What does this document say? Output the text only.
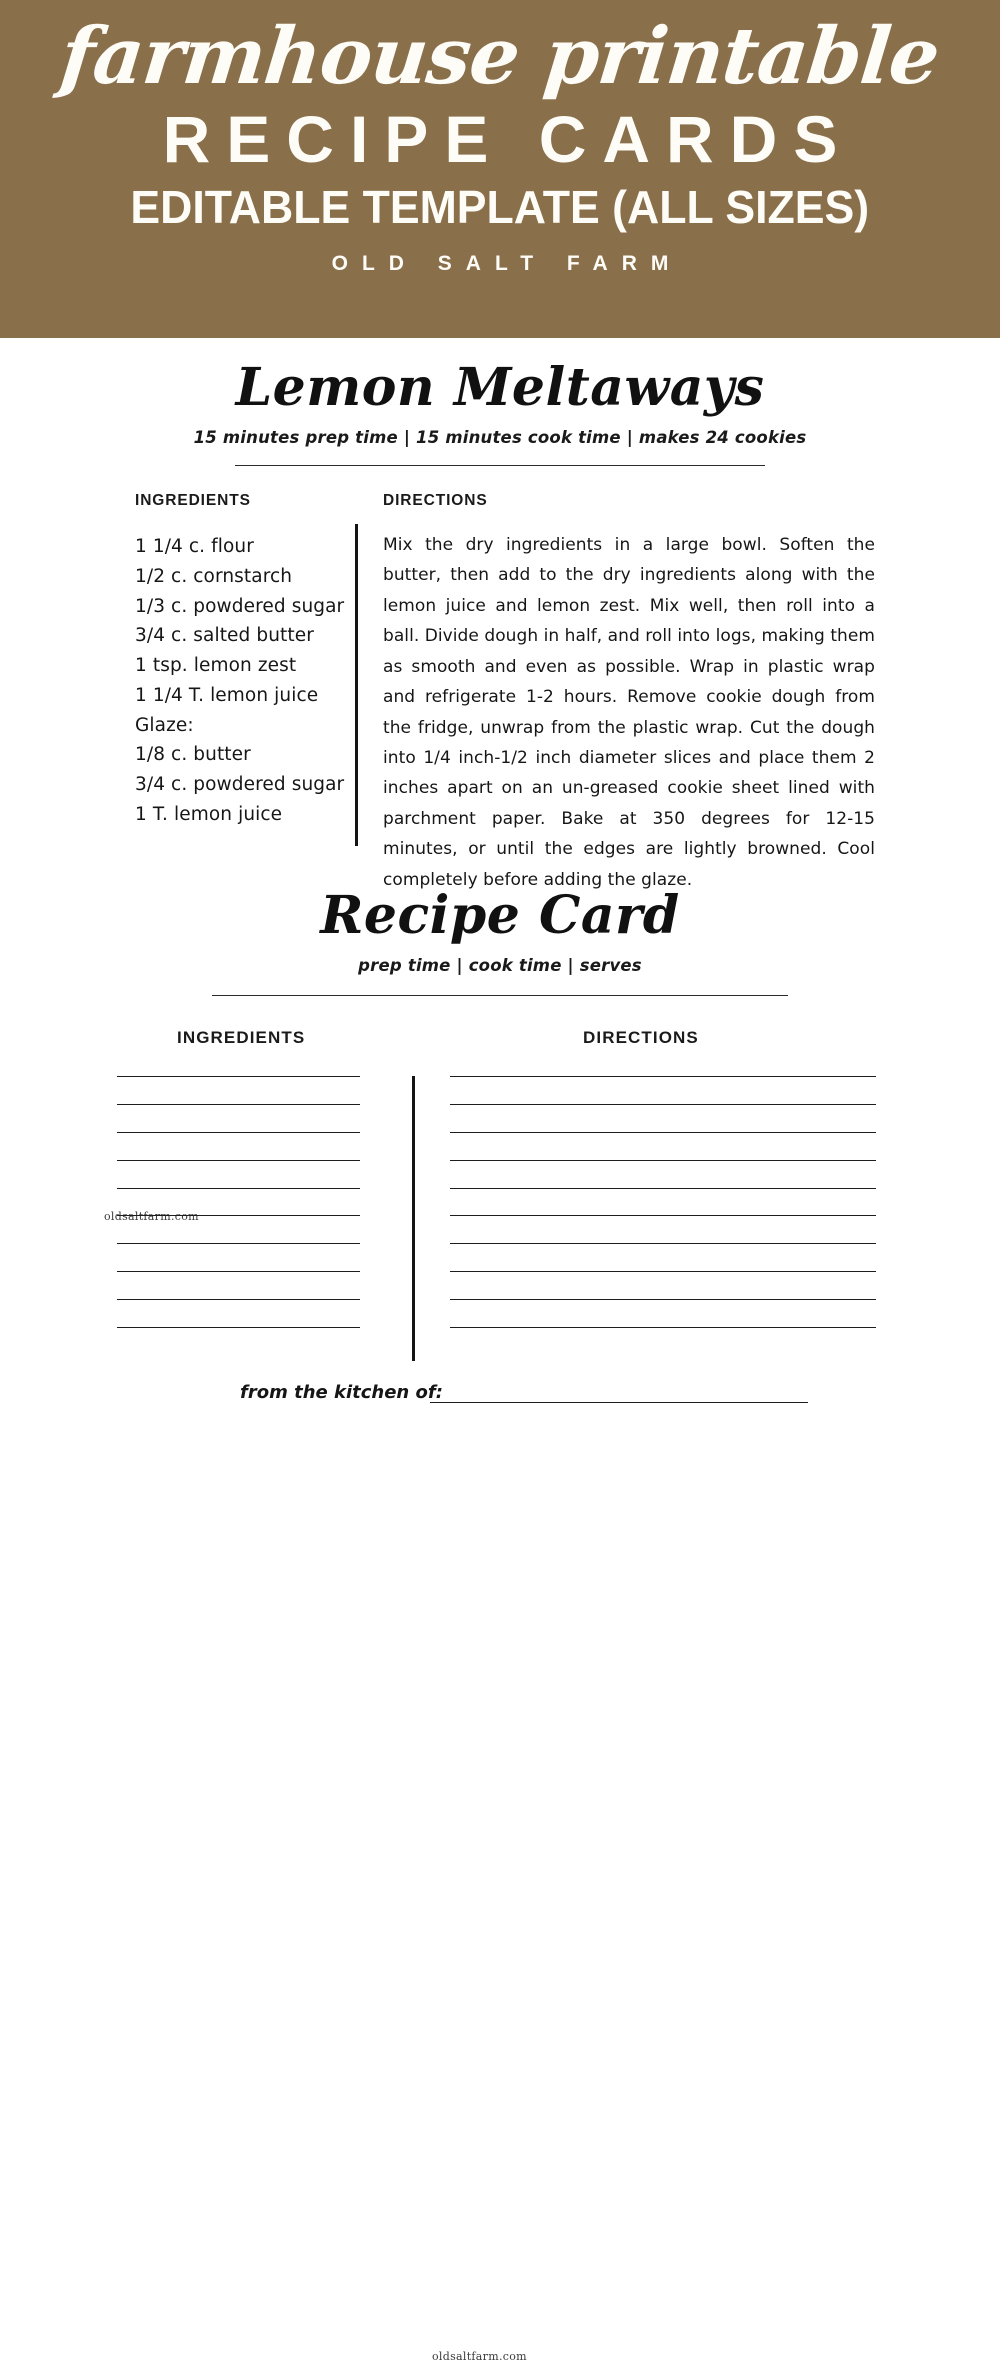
farmhouse printable
RECIPE CARDS
EDITABLE TEMPLATE (ALL SIZES)
OLD SALT FARM
Lemon Meltaways
15 minutes prep time | 15 minutes cook time | makes 24 cookies
INGREDIENTS
1 1/4 c. flour
1/2 c. cornstarch
1/3 c. powdered sugar
3/4 c. salted butter
1 tsp. lemon zest
1 1/4 T. lemon juice
Glaze:
1/8 c. butter
3/4 c. powdered sugar
1 T. lemon juice
DIRECTIONS

Mix the dry ingredients in a large bowl. Soften the butter, then add to the dry ingredients along with the lemon juice and lemon zest. Mix well, then roll into a ball. Divide dough in half, and roll into logs, making them as smooth and even as possible. Wrap in plastic wrap and refrigerate 1-2 hours. Remove cookie dough from the fridge, unwrap from the plastic wrap. Cut the dough into 1/4 inch-1/2 inch diameter slices and place them 2 inches apart on an un-greased cookie sheet lined with parchment paper. Bake at 350 degrees for 12-15 minutes, or until the edges are lightly browned. Cool completely before adding the glaze.

oldsaltfarm.com
Recipe Card
prep time | cook time | serves
INGREDIENTS	DIRECTIONS
from the kitchen of:
oldsaltfarm.com
